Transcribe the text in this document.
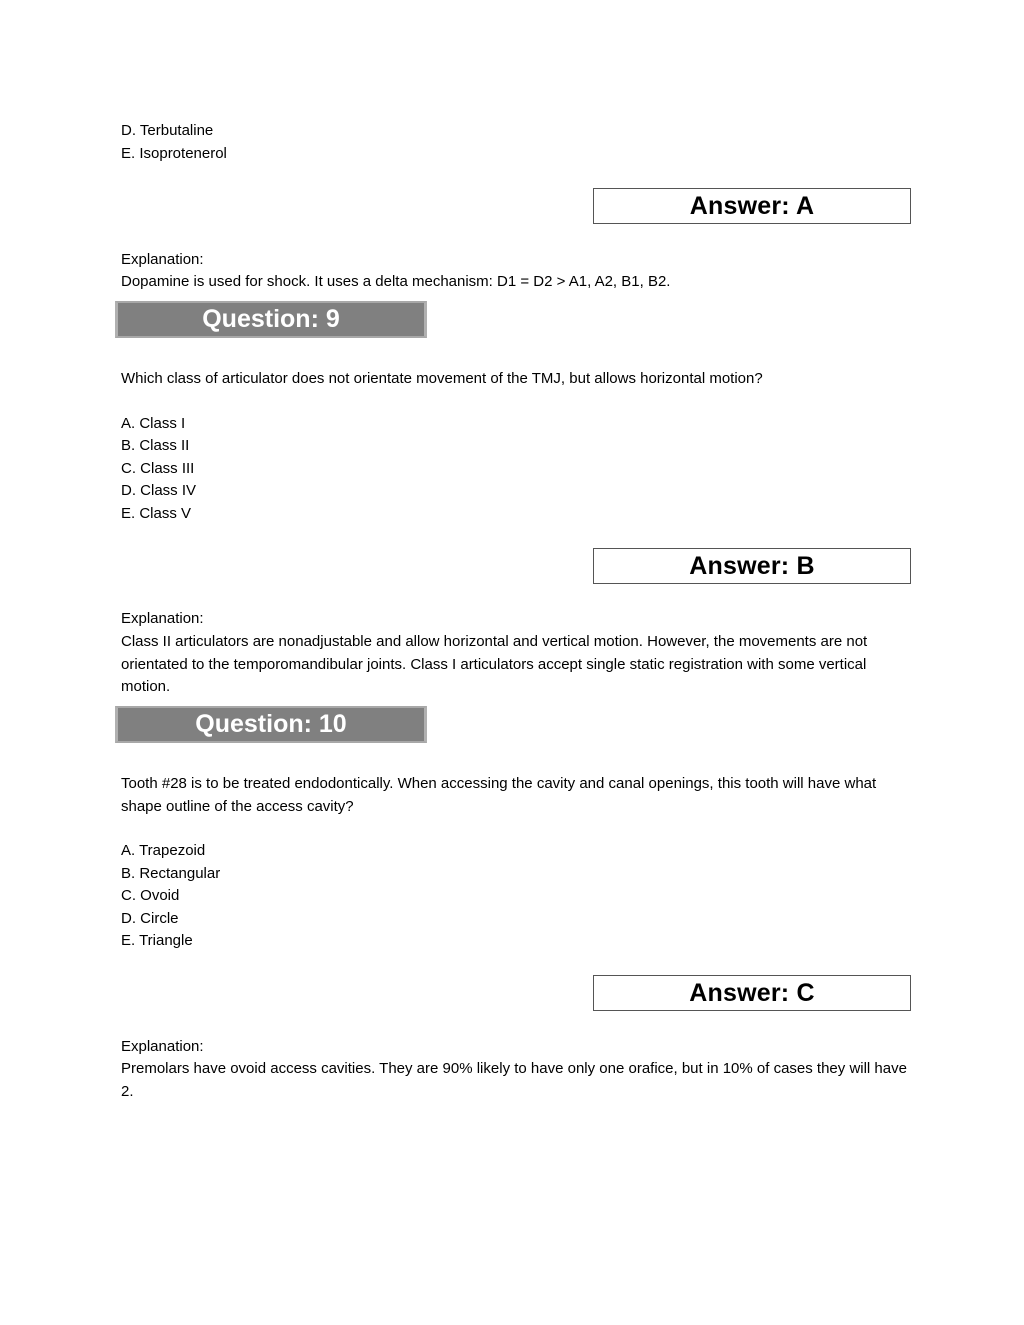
D. Terbutaline
E. Isoprotenerol
Answer: A
Explanation:
Dopamine is used for shock. It uses a delta mechanism: D1 = D2 > A1, A2, B1, B2.
Question: 9
Which class of articulator does not orientate movement of the TMJ, but allows horizontal motion?
A. Class I
B. Class II
C. Class III
D. Class IV
E. Class V
Answer: B
Explanation:
Class II articulators are nonadjustable and allow horizontal and vertical motion. However, the movements are not orientated to the temporomandibular joints. Class I articulators accept single static registration with some vertical motion.
Question: 10
Tooth #28 is to be treated endodontically. When accessing the cavity and canal openings, this tooth will have what shape outline of the access cavity?
A. Trapezoid
B. Rectangular
C. Ovoid
D. Circle
E. Triangle
Answer: C
Explanation:
Premolars have ovoid access cavities. They are 90% likely to have only one orafice, but in 10% of cases they will have 2.
